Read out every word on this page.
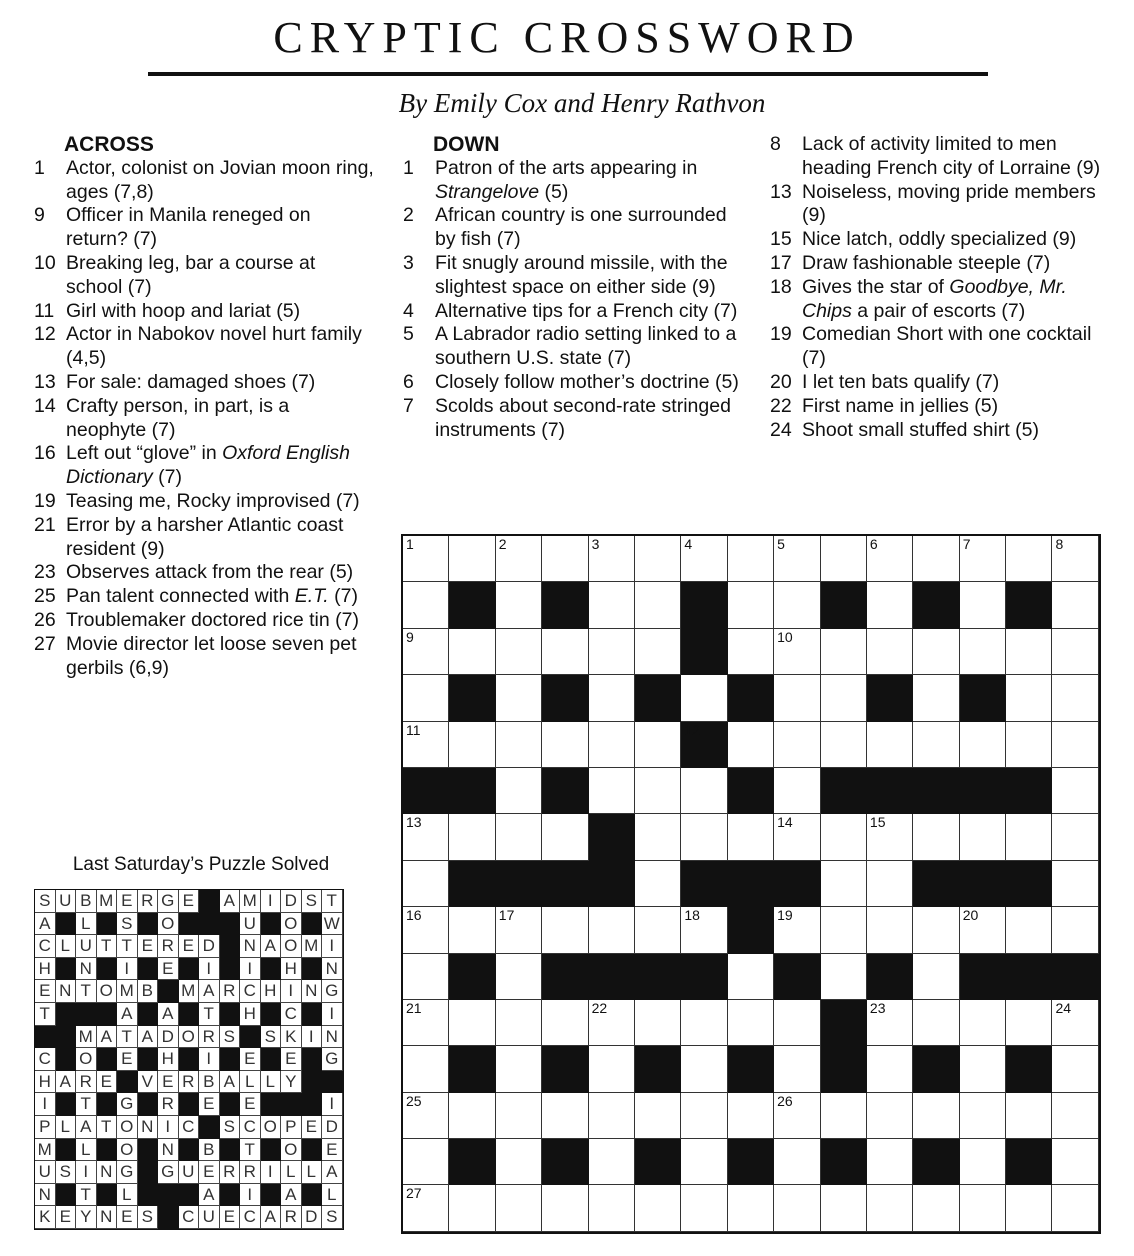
CRYPTIC CROSSWORD
By Emily Cox and Henry Rathvon
ACROSS
1	Actor, colonist on Jovian moon ring, ages (7,8)
9	Officer in Manila reneged on return? (7)
10 Breaking leg, bar a course at school (7)
11 Girl with hoop and lariat (5)
12 Actor in Nabokov novel hurt family (4,5)
13 For sale: damaged shoes (7)
14 Crafty person, in part, is a neophyte (7)
16 Left out “glove” in Oxford English Dictionary (7)
19 Teasing me, Rocky improvised (7)
21 Error by a harsher Atlantic coast resident (9)
23 Observes attack from the rear (5)
25 Pan talent connected with E.T. (7)
26 Troublemaker doctored rice tin (7)
27 Movie director let loose seven pet gerbils (6,9)
DOWN
1	Patron of the arts appearing in Strangelove (5)
2	African country is one surrounded by fish (7)
3	Fit snugly around missile, with the slightest space on either side (9)
4	Alternative tips for a French city (7)
5	A Labrador radio setting linked to a southern U.S. state (7)
6	Closely follow mother’s doctrine (5)
7	Scolds about second-rate stringed instruments (7)
8	Lack of activity limited to men heading French city of Lorraine (9)
13 Noiseless, moving pride members (9)
15 Nice latch, oddly specialized (9)
17 Draw fashionable steeple (7)
18 Gives the star of Goodbye, Mr. Chips a pair of escorts (7)
19 Comedian Short with one cocktail (7)
20 I let ten bats qualify (7)
22 First name in jellies (5)
24 Shoot small stuffed shirt (5)
Last Saturday’s Puzzle Solved
S U B M E R G E A M I D S T
A L	S O	U O W
C L U T T E R E D N A O M I
H N	I	E	I	I	H N
E N T O M B M A R C H I N G
T	A A T	H C	I
M A T A D O R S S K I N
C O E H	I	E E G
H A R E V E R B A L L Y
I	T	G R E E	I
P L A T O N I C S C O P E D
M L	O N B T	O E
U S I N G G U E R R I L L A
N T	L	A	I	A L
K E Y N E S C U E C A R D S
1	2	3	4	5	6	7	8
9	10
11	12
13	14	15
16	17	18	19	20
21	22	23	24
25	26
27
